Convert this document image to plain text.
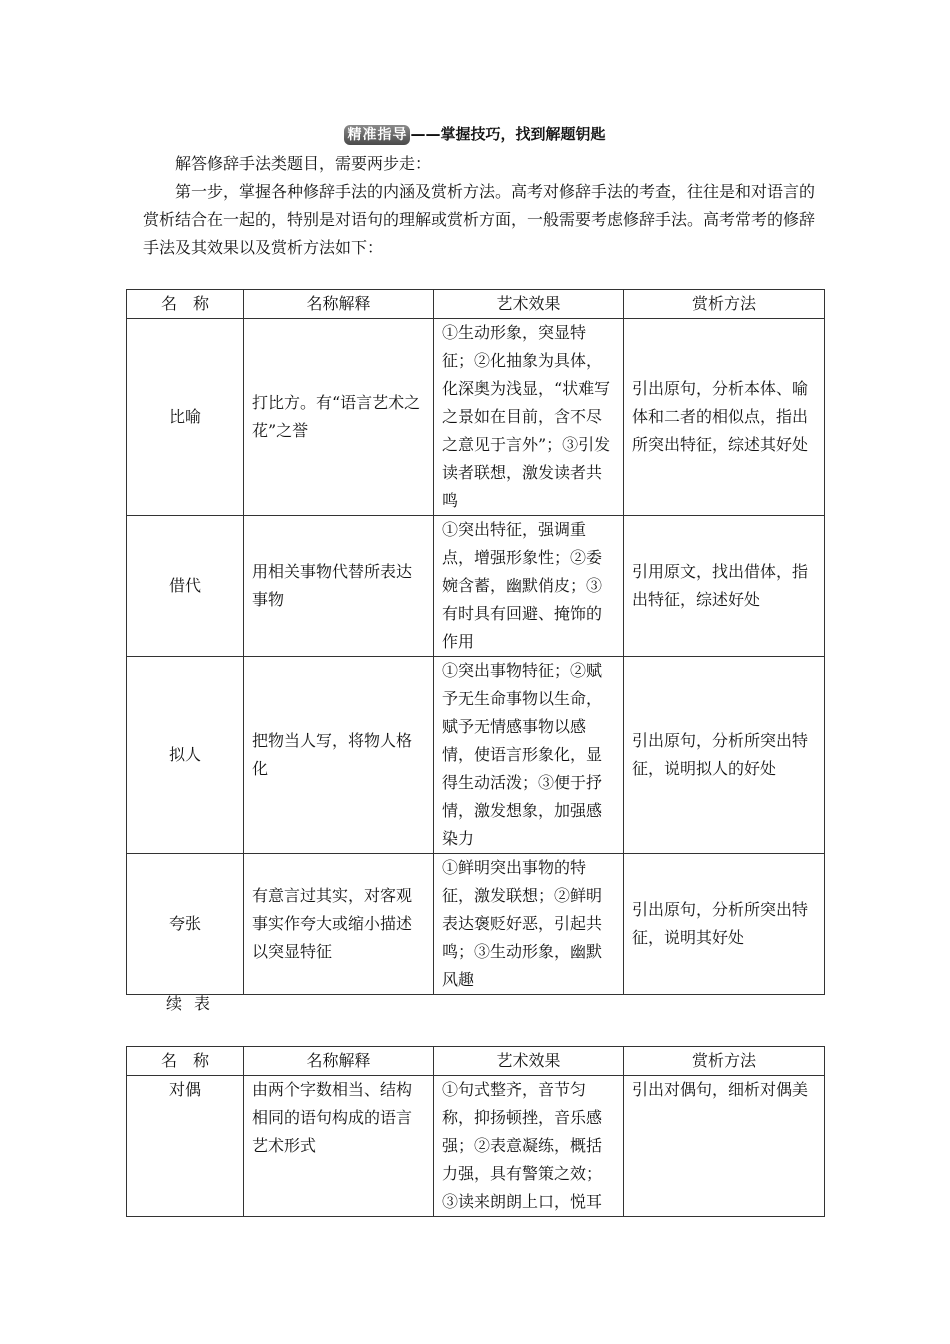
精准指导 ——掌握技巧，找到解题钥匙

解答修辞手法类题目，需要两步走：

第一步，掌握各种修辞手法的内涵及赏析方法。高考对修辞手法的考查，往往是和对语言的赏析结合在一起的，特别是对语句的理解或赏析方面，一般需要考虑修辞手法。高考常考的修辞手法及其效果以及赏析方法如下：

名　称	名称解释	艺术效果	赏析方法
比喻	打比方。有“语言艺术之花”之誉	①生动形象，突显特征；②化抽象为具体，化深奥为浅显，“状难写之景如在目前，含不尽之意见于言外”；③引发读者联想，激发读者共鸣	引出原句，分析本体、喻体和二者的相似点，指出所突出特征，综述其好处
借代	用相关事物代替所表达事物	①突出特征，强调重点，增强形象性；②委婉含蓄，幽默俏皮；③有时具有回避、掩饰的作用	引用原文，找出借体，指出特征，综述好处
拟人	把物当人写，将物人格化	①突出事物特征；②赋予无生命事物以生命，赋予无情感事物以感情，使语言形象化，显得生动活泼；③便于抒情，激发想象，加强感染力	引出原句，分析所突出特征，说明拟人的好处
夸张	有意言过其实，对客观事实作夸大或缩小描述以突显特征	①鲜明突出事物的特征，激发联想；②鲜明表达褒贬好恶，引起共鸣；③生动形象，幽默风趣	引出原句，分析所突出特征，说明其好处
续表
名　称	名称解释	艺术效果	赏析方法
对偶	由两个字数相当、结构相同的语句构成的语言艺术形式	①句式整齐，音节匀称，抑扬顿挫，音乐感强；②表意凝练，概括力强，具有警策之效；③读来朗朗上口，悦耳	引出对偶句，细析对偶美
